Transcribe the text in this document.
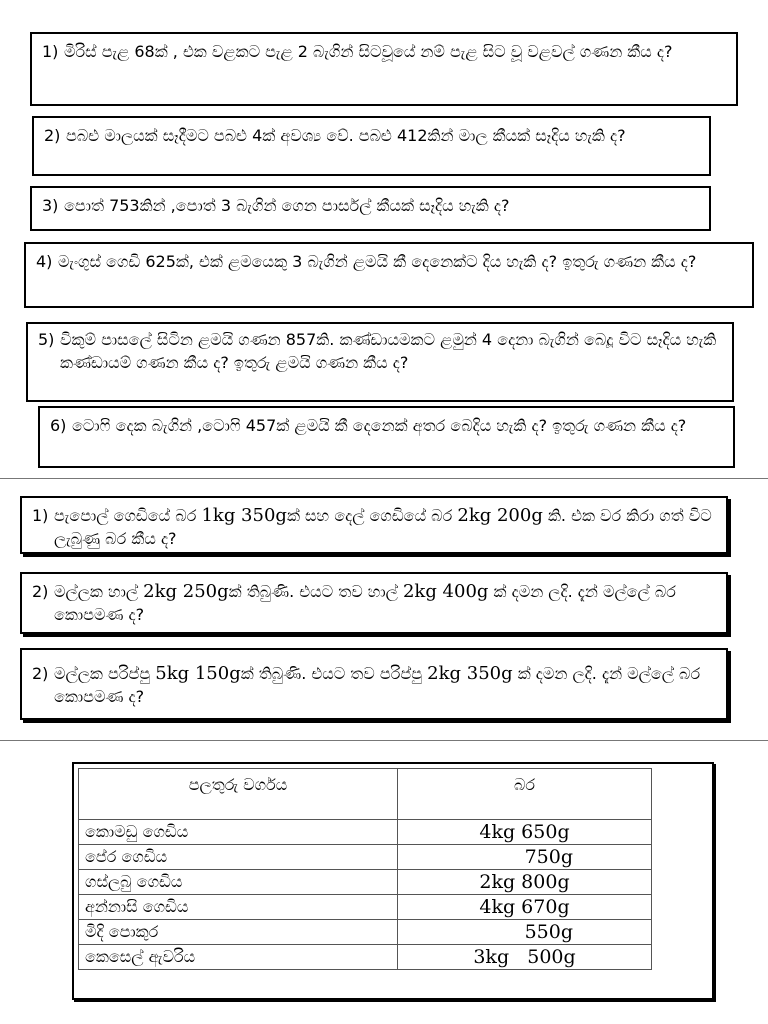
1) මිරිස් පැළ 68ක් , එක වළකට පැළ 2 බැගින් සිටවූයේ නම් පැළ සිට වූ වළවල් ගණන කීය ද?
2) පබළු මාලයක් සෑදීමට පබළු 4ක් අවශ්‍ය වේ. පබළු 412කින් මාල කීයක් සෑදිය හැකි ද?
3) පොත් 753කින් ,පොත් 3 බැගින් ගෙන පාර්සල් කීයක් සෑදිය හැකි ද?
4) මැංගුස් ගෙඩි 625ක්, එක් ළමයෙකු 3 බැගින් ළමයි කී දෙනෙක්ට දිය හැකි ද? ඉතුරු ගණන කීය ද?
5) විකුම් පාසලේ සිටින ළමයි ගණන 857කි. කණ්ඩායමකට ළමුන් 4 දෙනා බැගින් බෙදූ විට සෑදිය හැකි කණ්ඩායම් ගණන කීය ද? ඉතුරු ළමයි ගණන කීය ද?
6) ටොෆි දෙක බැගින් ,ටොෆි 457ක් ළමයි කී දෙනෙක් අතර බෙදිය හැකි ද? ඉතුරු ගණන කීය ද?
1) පැපොල් ගෙඩියේ බර 1kg 350gක් සහ දෙල් ගෙඩියේ බර 2kg 200g කි. එක වර කිරා ගත් විට ලැබුණු බර කීය ද?
2) මල්ලක හාල් 2kg 250gක් තිබුණි. එයට තව හාල් 2kg 400g ක් දමන ලදි. දැන් මල්ලේ බර කොපමණ ද?
2) මල්ලක පරිප්පු 5kg 150gක් තිබුණි. එයට තව පරිප්පු 2kg 350g ක් දමන ලදි. දැන් මල්ලේ බර කොපමණ ද?
පලතුරු වර්ගය	බර
කොමඩු ගෙඩිය	4kg 650g
පේර ගෙඩිය	750g
ගස්ලබු ගෙඩිය	2kg 800g
අන්නාසි ගෙඩිය	4kg 670g
මිදි පොකුර	550g
කෙසෙල් ඇවරිය	3kg   500g
